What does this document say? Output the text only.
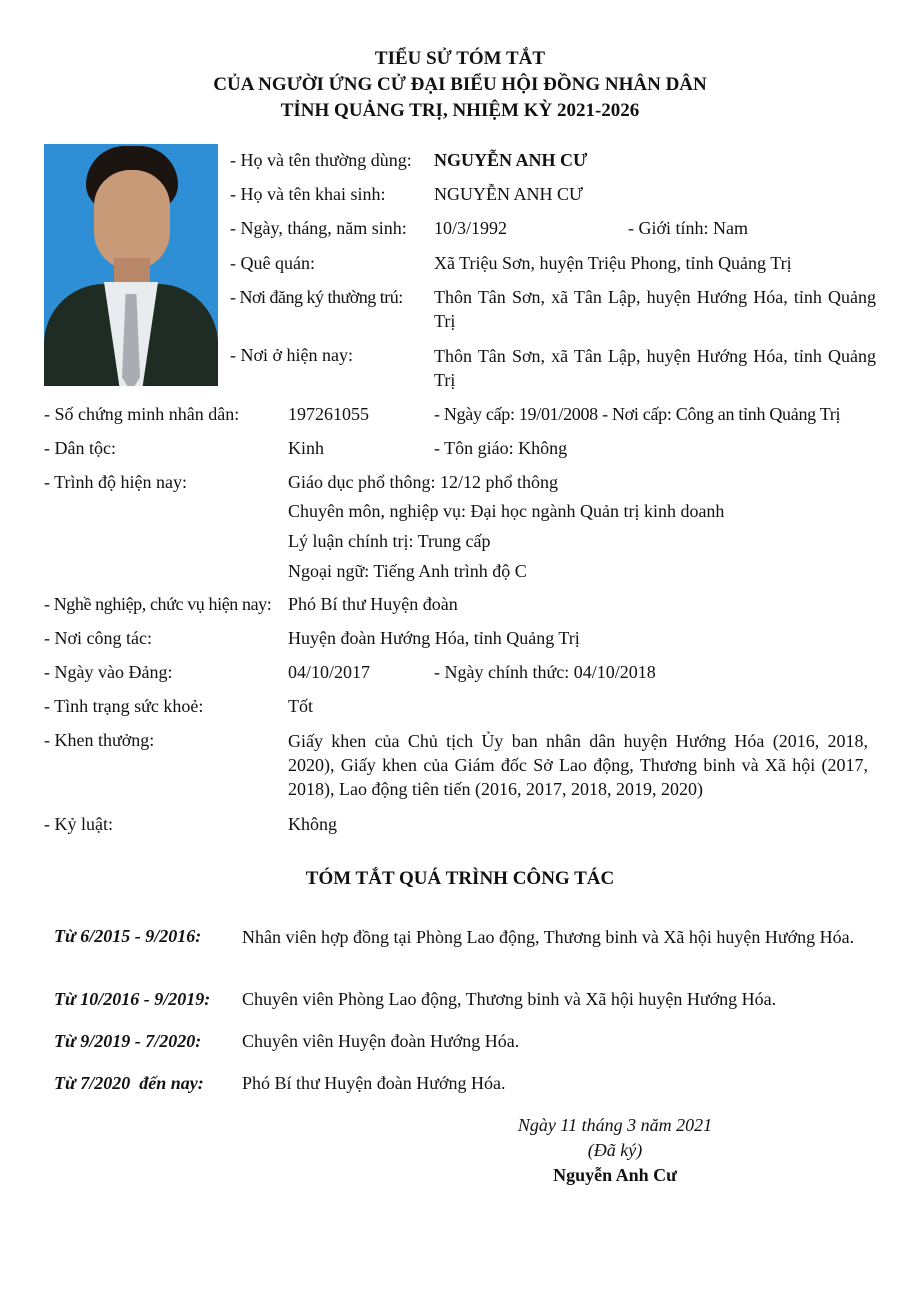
TIỂU SỬ TÓM TẮT
CỦA NGƯỜI ỨNG CỬ ĐẠI BIỂU HỘI ĐỒNG NHÂN DÂN
TỈNH QUẢNG TRỊ, NHIỆM KỲ 2021-2026
- Họ và tên thường dùng: NGUYỄN ANH CƯ
- Họ và tên khai sinh:	NGUYỄN ANH CƯ
- Ngày, tháng, năm sinh: 10/3/1992	- Giới tính: Nam
- Quê quán:	Xã Triệu Sơn, huyện Triệu Phong, tỉnh Quảng Trị
- Nơi đăng ký thường trú: Thôn Tân Sơn, xã Tân Lập, huyện Hướng Hóa, tỉnh Quảng Trị
- Nơi ở hiện nay:	Thôn Tân Sơn, xã Tân Lập, huyện Hướng Hóa, tỉnh Quảng Trị
- Số chứng minh nhân dân:	197261055	- Ngày cấp: 19/01/2008 - Nơi cấp: Công an tỉnh Quảng Trị
- Dân tộc:	Kinh	- Tôn giáo: Không
- Trình độ hiện nay:	Giáo dục phổ thông: 12/12 phổ thông
Chuyên môn, nghiệp vụ: Đại học ngành Quản trị kinh doanh
Lý luận chính trị: Trung cấp
Ngoại ngữ: Tiếng Anh trình độ C
- Nghề nghiệp, chức vụ hiện nay: Phó Bí thư Huyện đoàn
- Nơi công tác:	Huyện đoàn Hướng Hóa, tỉnh Quảng Trị
- Ngày vào Đảng:	04/10/2017	- Ngày chính thức: 04/10/2018
- Tình trạng sức khoẻ:	Tốt
- Khen thưởng:	Giấy khen của Chủ tịch Ủy ban nhân dân huyện Hướng Hóa (2016, 2018, 2020), Giấy khen của Giám đốc Sở Lao động, Thương binh và Xã hội (2017, 2018), Lao động tiên tiến (2016, 2017, 2018, 2019, 2020)
- Kỷ luật:	Không
TÓM TẮT QUÁ TRÌNH CÔNG TÁC
Từ 6/2015 - 9/2016: Nhân viên hợp đồng tại Phòng Lao động, Thương binh và Xã hội huyện Hướng Hóa.
Từ 10/2016 - 9/2019: Chuyên viên Phòng Lao động, Thương binh và Xã hội huyện Hướng Hóa.
Từ 9/2019 - 7/2020: Chuyên viên Huyện đoàn Hướng Hóa.
Từ 7/2020  đến nay: Phó Bí thư Huyện đoàn Hướng Hóa.
Ngày 11 tháng 3 năm 2021
(Đã ký)
Nguyễn Anh Cư
